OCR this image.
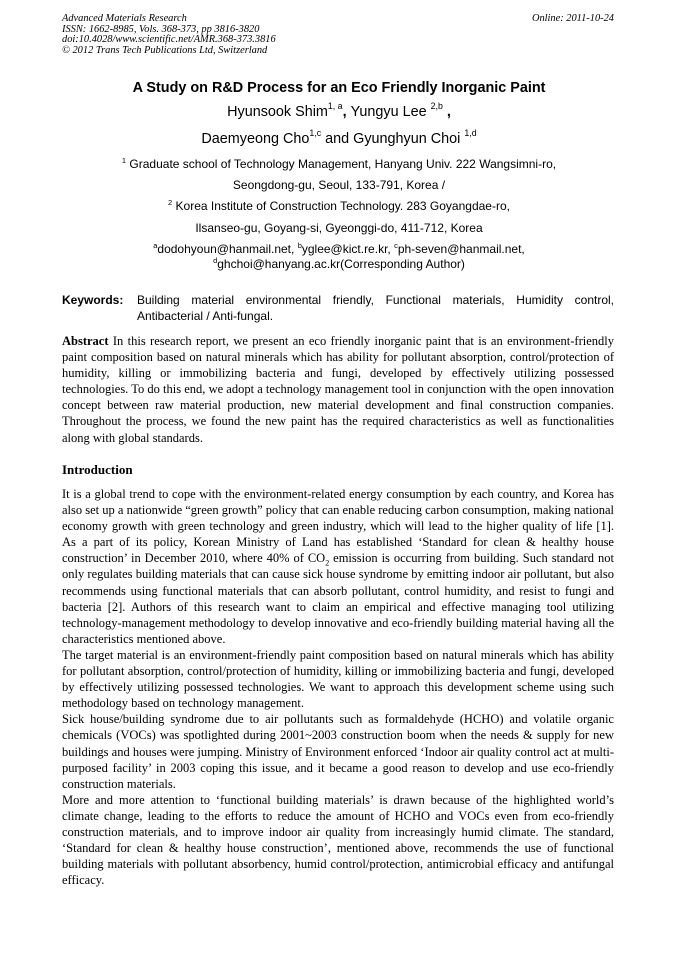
Advanced Materials Research
ISSN: 1662-8985, Vols. 368-373, pp 3816-3820
doi:10.4028/www.scientific.net/AMR.368-373.3816
© 2012 Trans Tech Publications Ltd, Switzerland
Online: 2011-10-24
A Study on R&D Process for an Eco Friendly Inorganic Paint
Hyunsook Shim$^{1, a}$, Yungyu Lee $^{2,b}$ ,
Daemyeong Cho$^{1,c}$ and Gyunghyun Choi $^{1,d}$
$^1$ Graduate school of Technology Management, Hanyang Univ. 222 Wangsimni-ro,
Seongdong-gu, Seoul, 133-791, Korea /
$^2$ Korea Institute of Construction Technology. 283 Goyangdae-ro,
Ilsanseo-gu, Goyang-si, Gyeonggi-do, 411-712, Korea
$^a$dodohyoun@hanmail.net, $^b$yglee@kict.re.kr, $^c$ph-seven@hanmail.net,
$^d$ghchoi@hanyang.ac.kr(Corresponding Author)
Keywords: Building material environmental friendly, Functional materials, Humidity control, Antibacterial / Anti-fungal.

Abstract In this research report, we present an eco friendly inorganic paint that is an environment-friendly paint composition based on natural minerals which has ability for pollutant absorption, control/protection of humidity, killing or immobilizing bacteria and fungi, developed by effectively utilizing possessed technologies. To do this end, we adopt a technology management tool in conjunction with the open innovation concept between raw material production, new material development and final construction companies. Throughout the process, we found the new paint has the required characteristics as well as functionalities along with global standards.

Introduction

It is a global trend to cope with the environment-related energy consumption by each country, and Korea has also set up a nationwide “green growth” policy that can enable reducing carbon consumption, making national economy growth with green technology and green industry, which will lead to the higher quality of life [1]. As a part of its policy, Korean Ministry of Land has established ‘Standard for clean & healthy house construction’ in December 2010, where 40% of $CO_2$ emission is occurring from building. Such standard not only regulates building materials that can cause sick house syndrome by emitting indoor air pollutant, but also recommends using functional materials that can absorb pollutant, control humidity, and resist to fungi and bacteria [2]. Authors of this research want to claim an empirical and effective managing tool utilizing technology-management methodology to develop innovative and eco-friendly building material having all the characteristics mentioned above.

The target material is an environment-friendly paint composition based on natural minerals which has ability for pollutant absorption, control/protection of humidity, killing or immobilizing bacteria and fungi, developed by effectively utilizing possessed technologies. We want to approach this development scheme using such methodology based on technology management.

Sick house/building syndrome due to air pollutants such as formaldehyde (HCHO) and volatile organic chemicals (VOCs) was spotlighted during 2001~2003 construction boom when the needs & supply for new buildings and houses were jumping. Ministry of Environment enforced ‘Indoor air quality control act at multi-purposed facility’ in 2003 coping this issue, and it became a good reason to develop and use eco-friendly construction materials.

More and more attention to ‘functional building materials’ is drawn because of the highlighted world’s climate change, leading to the efforts to reduce the amount of HCHO and VOCs even from eco-friendly construction materials, and to improve indoor air quality from increasingly humid climate. The standard, ‘Standard for clean & healthy house construction’, mentioned above, recommends the use of functional building materials with pollutant absorbency, humid control/protection, antimicrobial efficacy and antifungal efficacy.
